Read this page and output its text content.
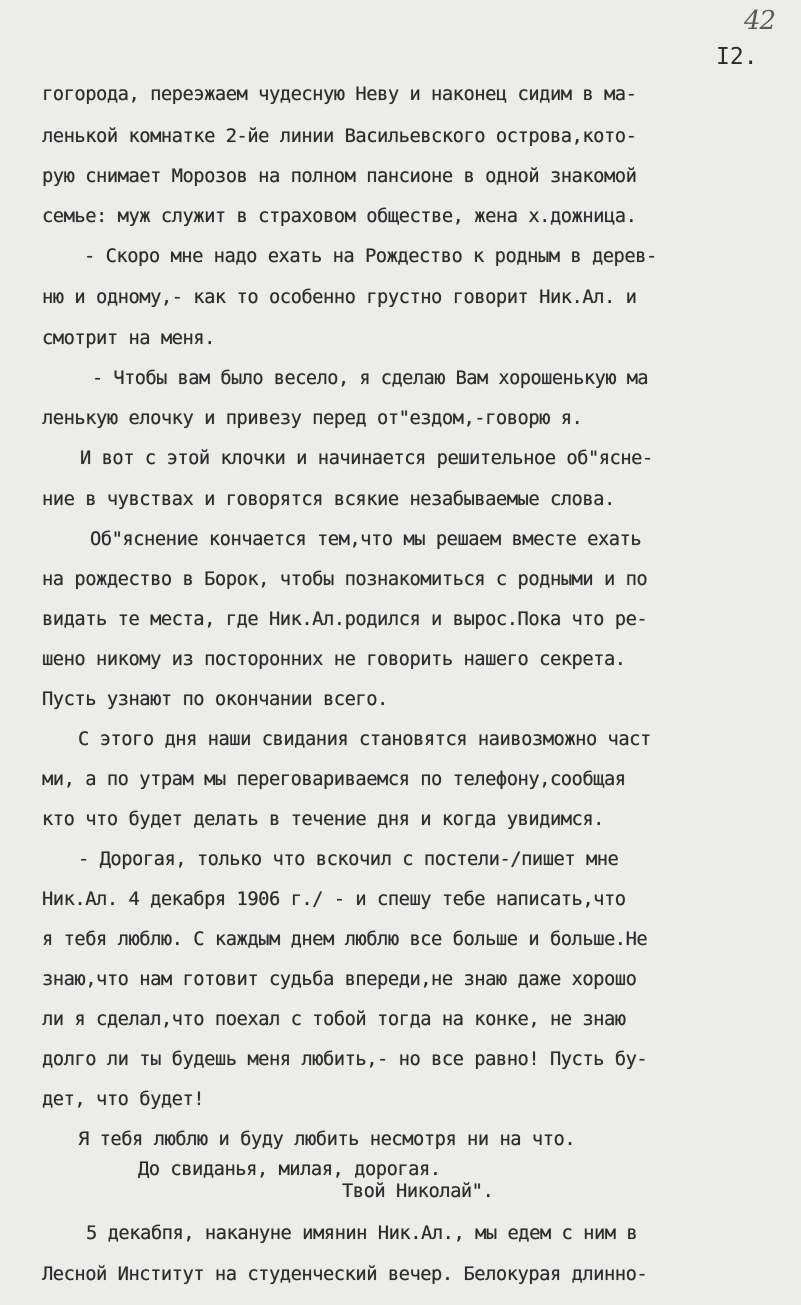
42
I2.
гогорода, переэжаем чудесную Неву и наконец сидим в ма-
ленькой комнатке 2-йе линии Васильевского острова,кото-
рую снимает Морозов на полном пансионе в одной знакомой
семье: муж служит в страховом обществе, жена х.дожница.
- Скоро мне надо ехать на Рождество к родным в дерев-
ню и одному,- как то особенно грустно говорит Ник.Ал. и
смотрит на меня.
- Чтобы вам было весело, я сделаю Вам хорошенькую ма
ленькую елочку и привезу перед от"ездом,-говорю я.
И вот с этой клочки и начинается решительное об"ясне-
ние в чувствах и говорятся всякие незабываемые слова.
Об"яснение кончается тем,что мы решаем вместе ехать
на рождество в Борок, чтобы познакомиться с родными и по
видать те места, где Ник.Ал.родился и вырос.Пока что ре-
шено никому из посторонних не говорить нашего секрета.
Пусть узнают по окончании всего.
С этого дня наши свидания становятся наивозможно част
ми, а по утрам мы переговариваемся по телефону,сообщая
кто что будет делать в течение дня и когда увидимся.
- Дорогая, только что вскочил с постели-/пишет мне
Ник.Ал. 4 декабря 1906 г./ - и спешу тебе написать,что
я тебя люблю. С каждым днем люблю все больше и больше.Не
знаю,что нам готовит судьба впереди,не знаю даже хорошо
ли я сделал,что поехал с тобой тогда на конке, не знаю
долго ли ты будешь меня любить,- но все равно! Пусть бу-
дет, что будет!
Я тебя люблю и буду любить несмотря ни на что.
До свиданья, милая, дорогая.
Твой Николай".
5 декабпя, накануне имянин Ник.Ал., мы едем с ним в
Лесной Институт на студенческий вечер. Белокурая длинно-
